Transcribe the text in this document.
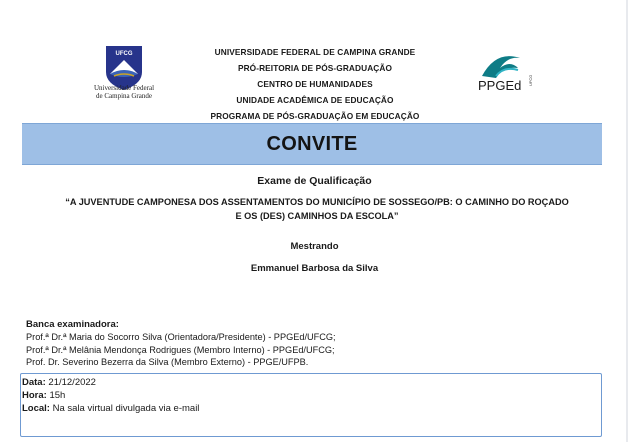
UFCG
Universidade Federal
de Campina Grande
UNIVERSIDADE FEDERAL DE CAMPINA GRANDE
PRÓ-REITORIA DE PÓS-GRADUAÇÃO
CENTRO DE HUMANIDADES
UNIDADE ACADÊMICA DE EDUCAÇÃO
PROGRAMA DE PÓS-GRADUAÇÃO EM EDUCAÇÃO
PPGEd UFCG
CONVITE
Exame de Qualificação
“A JUVENTUDE CAMPONESA DOS ASSENTAMENTOS DO MUNICÍPIO DE SOSSEGO/PB: O CAMINHO DO ROÇADO
E OS (DES) CAMINHOS DA ESCOLA”
Mestrando
Emmanuel Barbosa da Silva
Banca examinadora:
Prof.ª Dr.ª Maria do Socorro Silva (Orientadora/Presidente) - PPGEd/UFCG;
Prof.ª Dr.ª Melânia Mendonça Rodrigues (Membro Interno) - PPGEd/UFCG;
Prof. Dr. Severino Bezerra da Silva (Membro Externo) - PPGE/UFPB.
Data: 21/12/2022
Hora: 15h
Local: Na sala virtual divulgada via e-mail
